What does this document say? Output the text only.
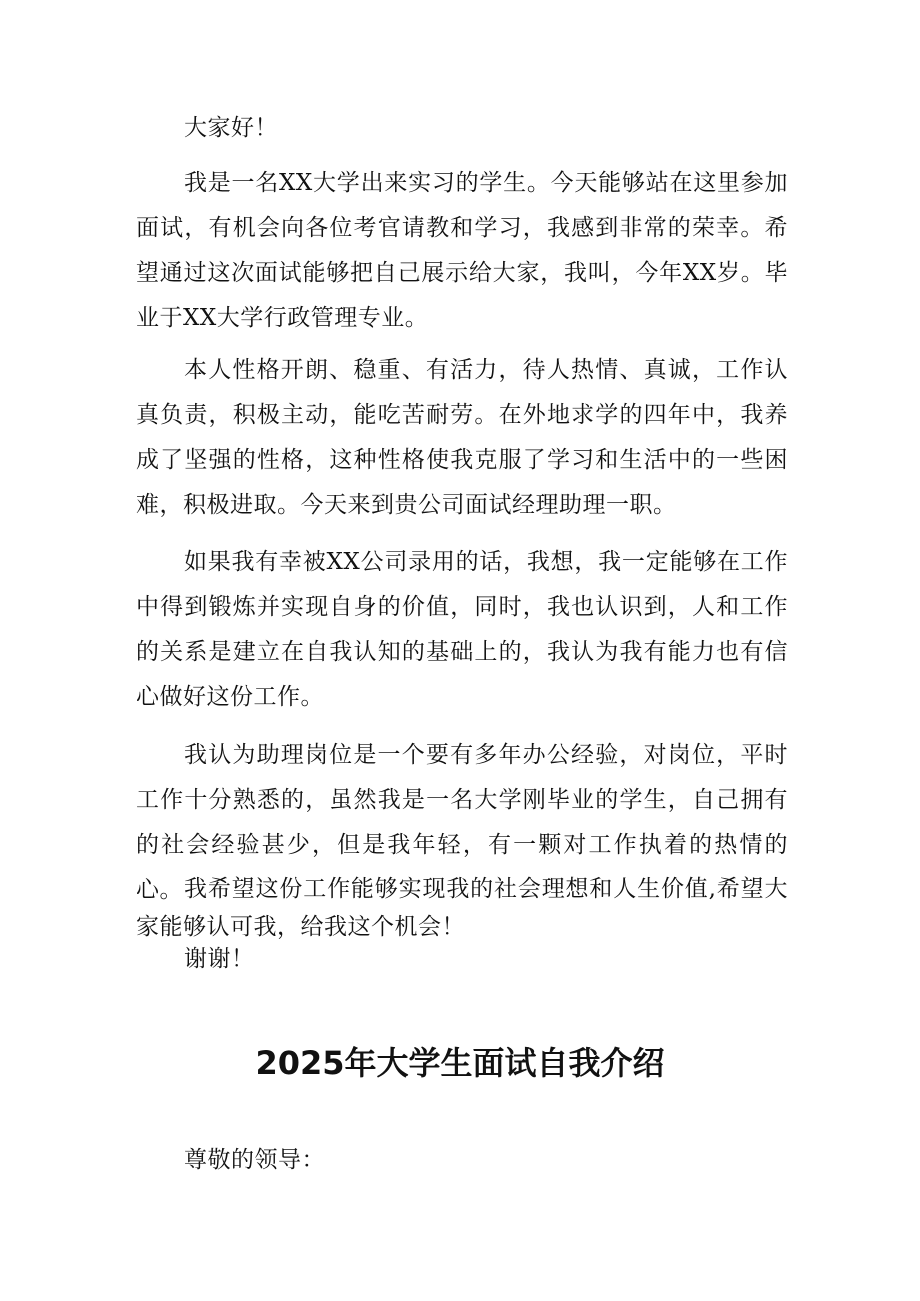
大家好！

我是一名XX大学出来实习的学生。今天能够站在这里参加面试，有机会向各位考官请教和学习，我感到非常的荣幸。希望通过这次面试能够把自己展示给大家，我叫，今年XX岁。毕业于XX大学行政管理专业。

本人性格开朗、稳重、有活力，待人热情、真诚，工作认真负责，积极主动，能吃苦耐劳。在外地求学的四年中，我养成了坚强的性格，这种性格使我克服了学习和生活中的一些困难，积极进取。今天来到贵公司面试经理助理一职。

如果我有幸被XX公司录用的话，我想，我一定能够在工作中得到锻炼并实现自身的价值，同时，我也认识到，人和工作的关系是建立在自我认知的基础上的，我认为我有能力也有信心做好这份工作。

我认为助理岗位是一个要有多年办公经验，对岗位，平时工作十分熟悉的，虽然我是一名大学刚毕业的学生，自己拥有的社会经验甚少，但是我年轻，有一颗对工作执着的热情的心。 我希望这份工作能够实现我的社会理想和人生价值,希望大家能够认可我，给我这个机会！

谢谢！

2025年大学生面试自我介绍

尊敬的领导：
